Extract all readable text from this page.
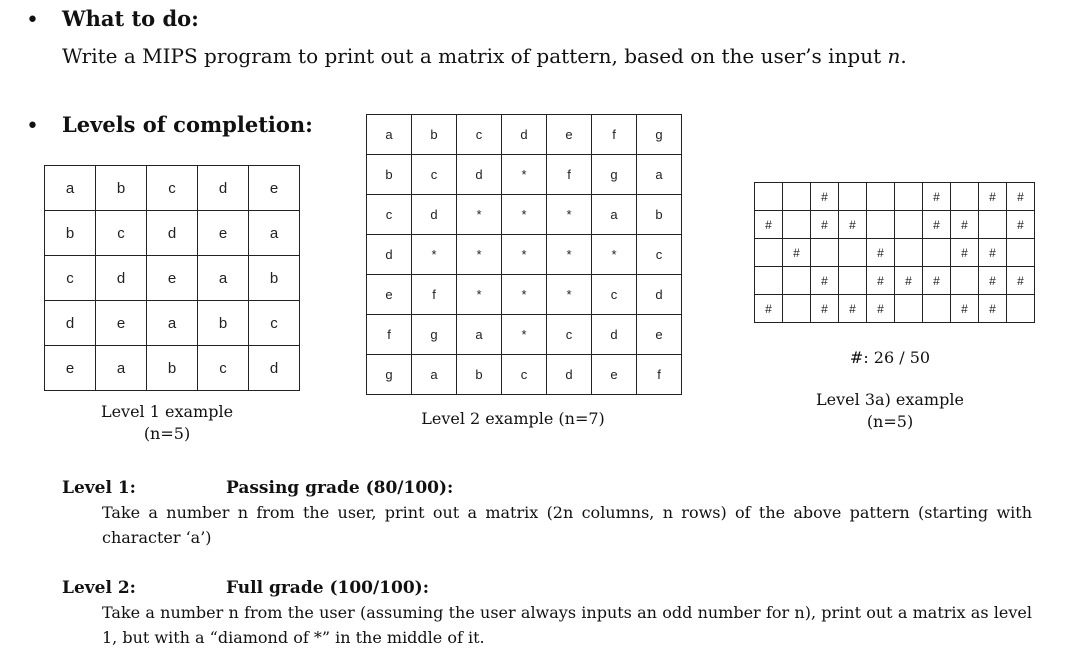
• What to do:
Write a MIPS program to print out a matrix of pattern, based on the user’s input n.
• Levels of completion:
a	b	c	d	e
b	c	d	e	a
c	d	e	a	b
d	e	a	b	c
e	a	b	c	d
Level 1 example
(n=5)
a	b	c	d	e	f	g
b	c	d	*	f	g	a
c	d	*	*	*	a	b
d	*	*	*	*	*	c
e	f	*	*	*	c	d
f	g	a	*	c	d	e
g	a	b	c	d	e	f
Level 2 example (n=7)
		#				#		#	#
#		#	#			#	#		#
	#			#			#	#	
		#		#	#	#		#	#
#		#	#	#			#	#	
#: 26 / 50
Level 3a) example
(n=5)
Level 1:	Passing grade (80/100):
Take a number n from the user, print out a matrix (2n columns, n rows) of the above pattern (starting with character ‘a’)
Level 2:	Full grade (100/100):
Take a number n from the user (assuming the user always inputs an odd number for n), print out a matrix as level 1, but with a “diamond of *” in the middle of it.
